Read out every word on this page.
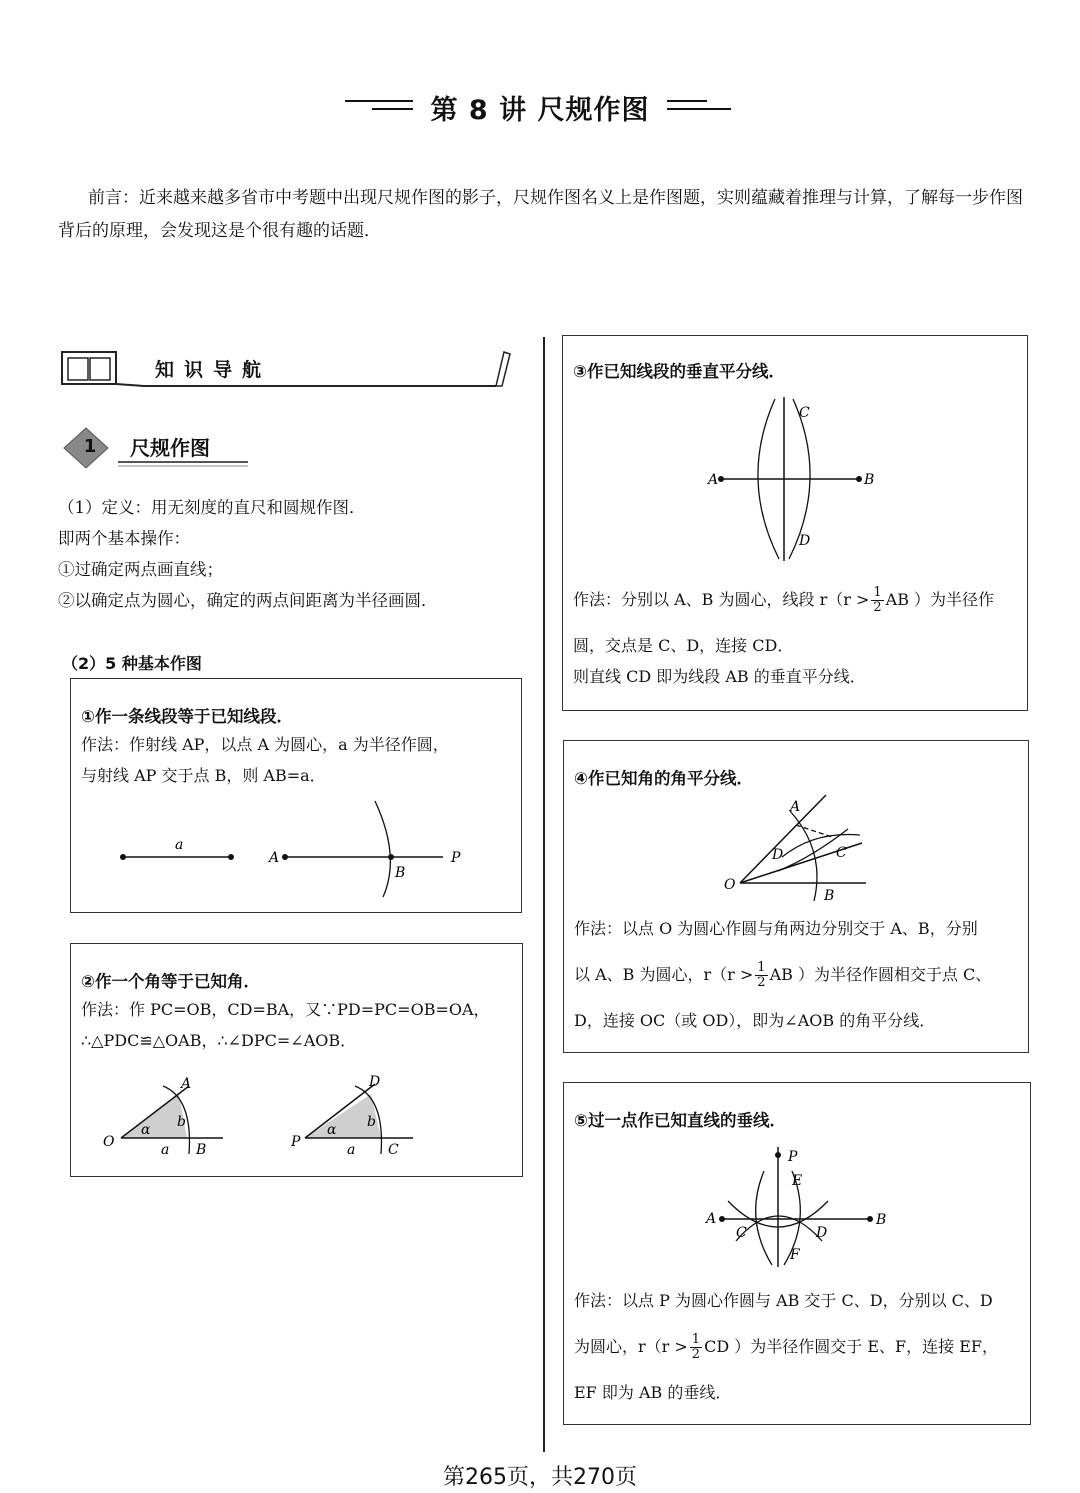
第 8 讲 尺规作图
前言：近来越来越多省市中考题中出现尺规作图的影子，尺规作图名义上是作图题，实则蕴藏着推理与计算，了解每一步作图背后的原理，会发现这是个很有趣的话题．
知识导航
1 尺规作图
（1）定义：用无刻度的直尺和圆规作图．
即两个基本操作：
①过确定两点画直线；
②以确定点为圆心，确定的两点间距离为半径画圆．
（2）5 种基本作图
①作一条线段等于已知线段．
作法：作射线 AP，以点 A 为圆心，a 为半径作圆，
与射线 AP 交于点 B，则 AB=a．
a
A
B
P
②作一个角等于已知角．
作法：作 PC=OB，CD=BA，又∵PD=PC=OB=OA，
∴△PDC≌△OAB，∴∠DPC=∠AOB．
O
A
B
α b
a	P
D
C
α b
a
③作已知线段的垂直平分线．
A	B
C
D
作法：分别以 A、B 为圆心，线段 $r(r > \frac{1}{2}$ AB ）为半径作
圆，交点是 C、D，连接 CD．
则直线 CD 即为线段 AB 的垂直平分线．
④作已知角的角平分线．
A
B
C
D
O
作法：以点 O 为圆心作圆与角两边分别交于 A、B，分别
以 A、B 为圆心，$r(r > \frac{1}{2}$ AB ）为半径作圆相交于点 C、
D，连接 OC（或 OD），即为∠AOB 的角平分线．
⑤过一点作已知直线的垂线．
P
E
A	B
C	D
F
作法：以点 P 为圆心作圆与 AB 交于 C、D，分别以 C、D
为圆心，$r(r > \frac{1}{2}$ CD ）为半径作圆交于 E、F，连接 EF，
EF 即为 AB 的垂线．
第265页，共270页
